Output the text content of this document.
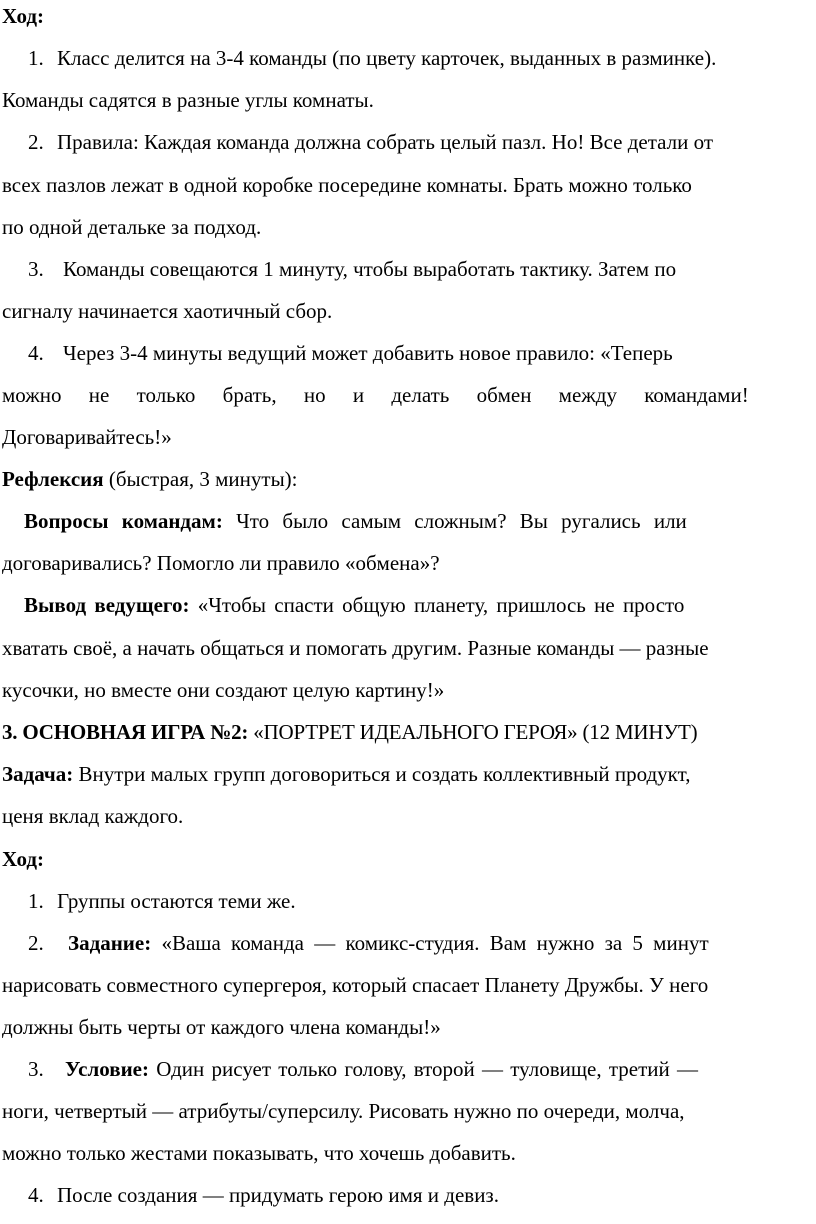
Ход:
1. Класс делится на 3-4 команды (по цвету карточек, выданных в разминке).
Команды садятся в разные углы комнаты.
2. Правила: Каждая команда должна собрать целый пазл. Но! Все детали от
всех пазлов лежат в одной коробке посередине комнаты. Брать можно только
по одной детальке за подход.
3. Команды совещаются 1 минуту, чтобы выработать тактику. Затем по
сигналу начинается хаотичный сбор.
4. Через 3-4 минуты ведущий может добавить новое правило: «Теперь
можно не только брать, но и делать обмен между командами!
Договаривайтесь!»
Рефлексия (быстрая, 3 минуты):
Вопросы командам: Что было самым сложным? Вы ругались или
договаривались? Помогло ли правило «обмена»?
Вывод ведущего: «Чтобы спасти общую планету, пришлось не просто
хватать своё, а начать общаться и помогать другим. Разные команды — разные
кусочки, но вместе они создают целую картину!»
3. ОСНОВНАЯ ИГРА №2: «ПОРТРЕТ ИДЕАЛЬНОГО ГЕРОЯ» (12 МИНУТ)
Задача: Внутри малых групп договориться и создать коллективный продукт,
ценя вклад каждого.
Ход:
1. Группы остаются теми же.
2. Задание: «Ваша команда — комикс-студия. Вам нужно за 5 минут
нарисовать совместного супергероя, который спасает Планету Дружбы. У него
должны быть черты от каждого члена команды!»
3. Условие: Один рисует только голову, второй — туловище, третий —
ноги, четвертый — атрибуты/суперсилу. Рисовать нужно по очереди, молча,
можно только жестами показывать, что хочешь добавить.
4. После создания — придумать герою имя и девиз.
